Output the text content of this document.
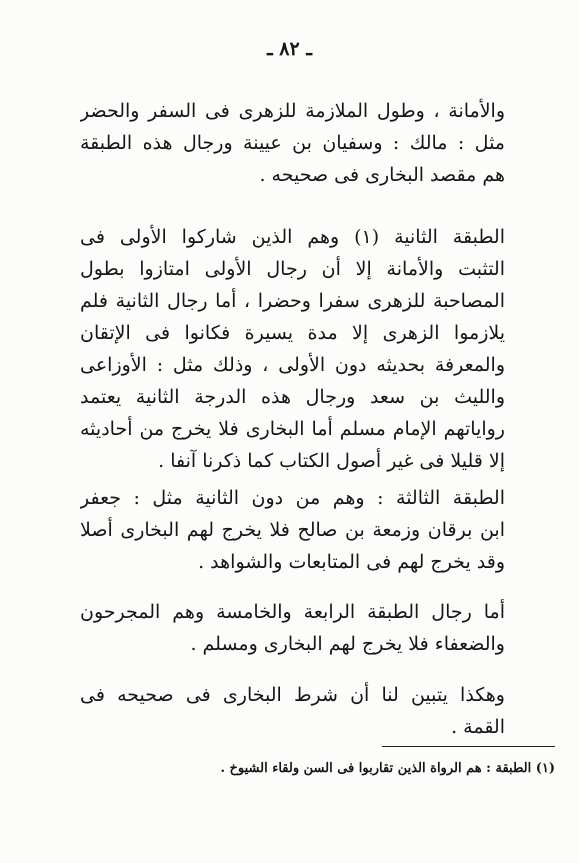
ـ ٨٢ ـ
والأمانة ، وطول الملازمة للزهرى فى السفر والحضر
مثل : مالك : وسفيان بن عيينة ورجال هذه الطبقة
هم مقصد البخارى فى صحيحه .
الطبقة الثانية (١) وهم الذين شاركوا الأولى فى
التثبت والأمانة إلا أن رجال الأولى امتازوا بطول
المصاحبة للزهرى سفرا وحضرا ، أما رجال الثانية فلم
يلازموا الزهرى إلا مدة يسيرة فكانوا فى الإتقان
والمعرفة بحديثه دون الأولى ، وذلك مثل : الأوزاعى
والليث بن سعد ورجال هذه الدرجة الثانية يعتمد
رواياتهم الإمام مسلم أما البخارى فلا يخرج من أحاديثه
إلا قليلا فى غير أصول الكتاب كما ذكرنا آنفا .
الطبقة الثالثة : وهم من دون الثانية مثل : جعفر
ابن برقان وزمعة بن صالح فلا يخرج لهم البخارى أصلا
وقد يخرج لهم فى المتابعات والشواهد .
أما رجال الطبقة الرابعة والخامسة وهم المجرحون
والضعفاء فلا يخرج لهم البخارى ومسلم .
وهكذا يتبين لنا أن شرط البخارى فى صحيحه فى
القمة .
(١) الطبقة : هم الرواة الذين تقاربوا فى السن ولقاء الشيوخ .
